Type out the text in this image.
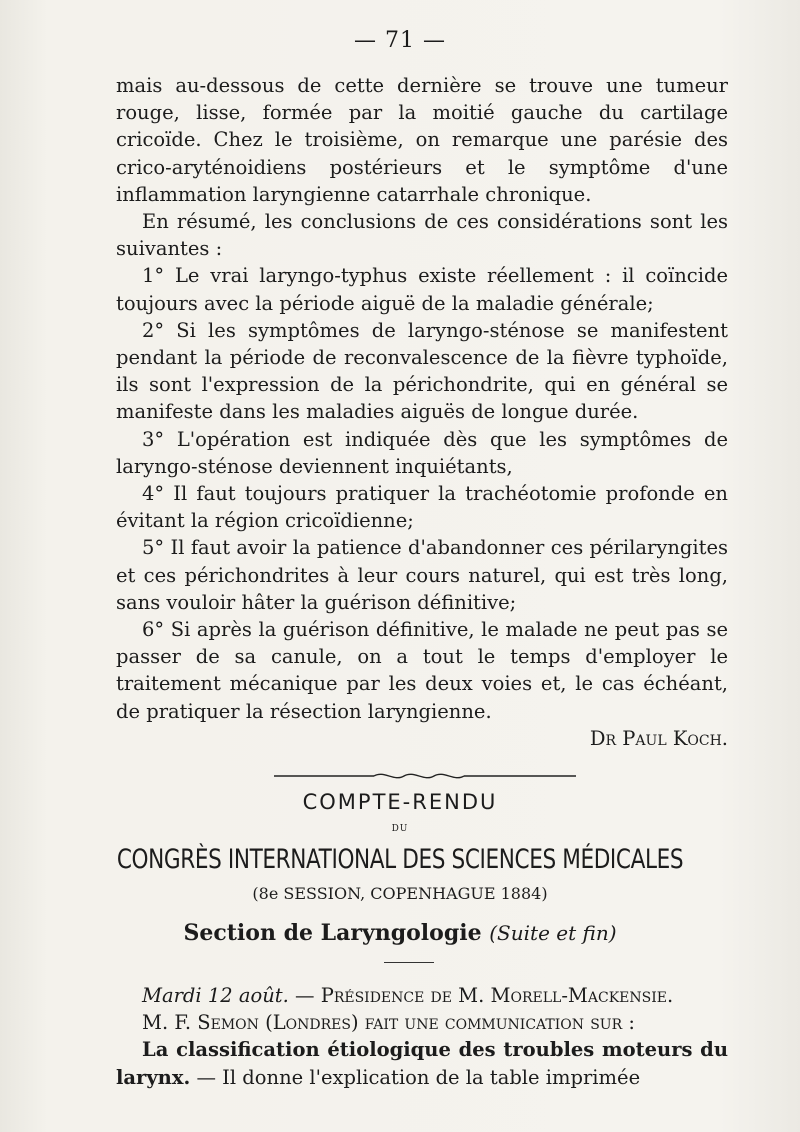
— 71 —

mais au-dessous de cette dernière se trouve une tumeur rouge, lisse, formée par la moitié gauche du cartilage cricoïde. Chez le troisième, on remarque une parésie des crico-aryténoidiens postérieurs et le symptôme d'une inflammation laryngienne catarrhale chronique.

En résumé, les conclusions de ces considérations sont les suivantes :

1° Le vrai laryngo-typhus existe réellement : il coïncide toujours avec la période aiguë de la maladie générale;

2° Si les symptômes de laryngo-sténose se manifestent pendant la période de reconvalescence de la fièvre typhoïde, ils sont l'expression de la périchondrite, qui en général se manifeste dans les maladies aiguës de longue durée.

3° L'opération est indiquée dès que les symptômes de laryngo-sténose deviennent inquiétants,

4° Il faut toujours pratiquer la trachéotomie profonde en évitant la région cricoïdienne;

5° Il faut avoir la patience d'abandonner ces périlaryngites et ces périchondrites à leur cours naturel, qui est très long, sans vouloir hâter la guérison définitive;

6° Si après la guérison définitive, le malade ne peut pas se passer de sa canule, on a tout le temps d'employer le traitement mécanique par les deux voies et, le cas échéant, de pratiquer la résection laryngienne.

Dr Paul Koch.

COMPTE-RENDU
du
CONGRÈS INTERNATIONAL DES SCIENCES MÉDICALES
(8e SESSION, COPENHAGUE 1884)
Section de Laryngologie (Suite et fin)

Mardi 12 août. — Présidence de M. Morell-Mackensie.

M. F. Semon (Londres) fait une communication sur :

La classification étiologique des troubles moteurs du larynx. — Il donne l'explication de la table imprimée
